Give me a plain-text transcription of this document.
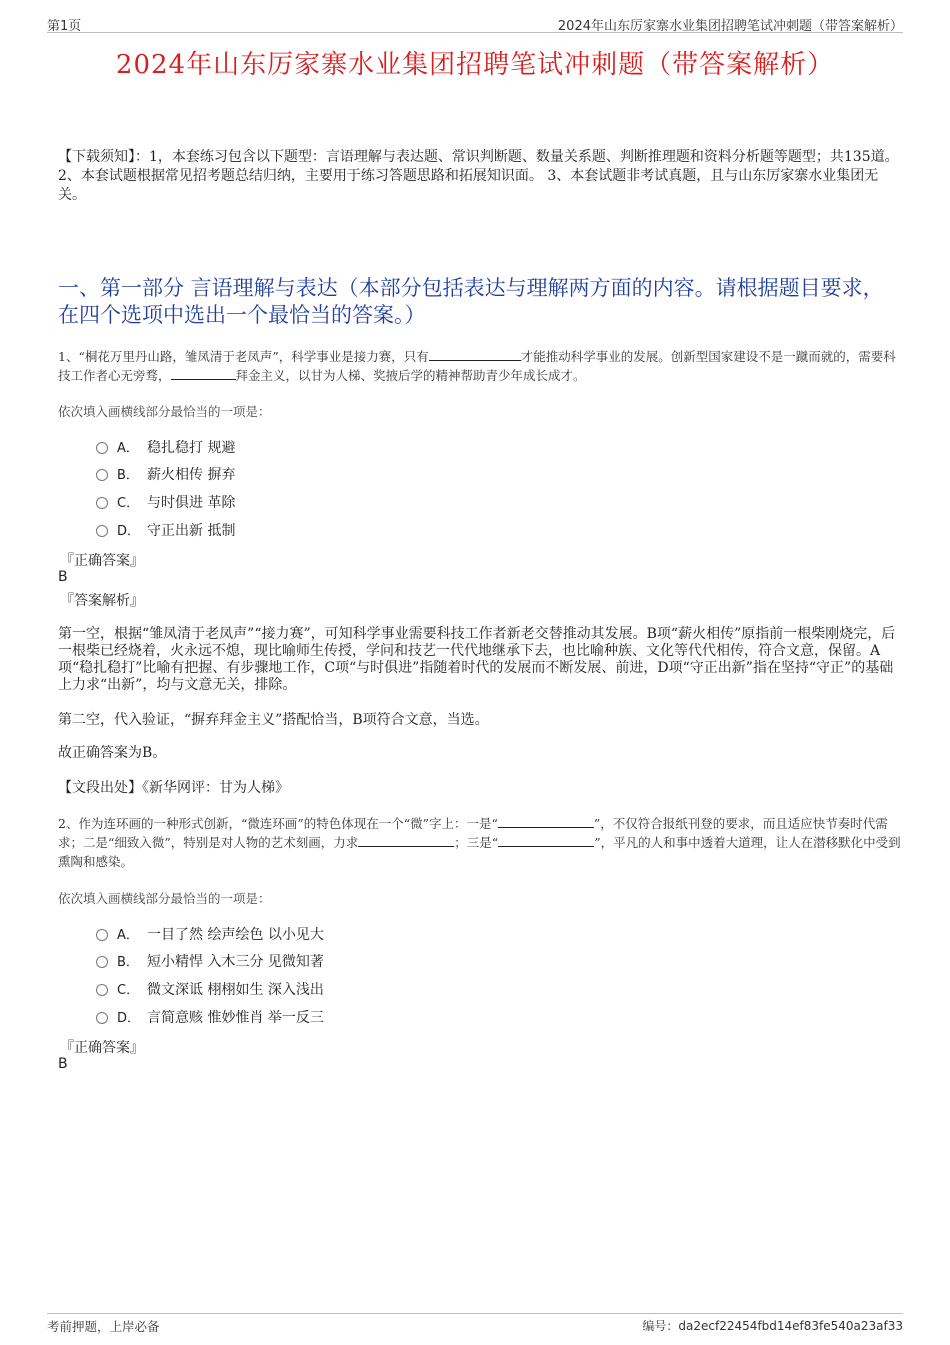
第1页	2024年山东厉家寨水业集团招聘笔试冲刺题（带答案解析）
2024年山东厉家寨水业集团招聘笔试冲刺题（带答案解析）
【下载须知】：1，本套练习包含以下题型：言语理解与表达题、常识判断题、数量关系题、判断推理题和资料分析题等题型；共135道。 2、本套试题根据常见招考题总结归纳，主要用于练习答题思路和拓展知识面。 3、本套试题非考试真题，且与山东厉家寨水业集团无关。
一、第一部分 言语理解与表达（本部分包括表达与理解两方面的内容。请根据题目要求，在四个选项中选出一个最恰当的答案。）
1、“桐花万里丹山路，雏凤清于老凤声”，科学事业是接力赛，只有	才能推动科学事业的发展。创新型国家建设不是一蹴而就的，需要科技工作者心无旁骛，	拜金主义，以甘为人梯、奖掖后学的精神帮助青少年成长成才。
依次填入画横线部分最恰当的一项是：
A． 稳扎稳打 规避
B． 薪火相传 摒弃
C． 与时俱进 革除
D． 守正出新 抵制
『正确答案』
B
『答案解析』
第一空，根据“雏凤清于老凤声”“接力赛”，可知科学事业需要科技工作者新老交替推动其发展。B项“薪火相传”原指前一根柴刚烧完，后一根柴已经烧着，火永远不熄，现比喻师生传授，学问和技艺一代代地继承下去，也比喻种族、文化等代代相传，符合文意，保留。A项“稳扎稳打”比喻有把握、有步骤地工作，C项“与时俱进”指随着时代的发展而不断发展、前进，D项“守正出新”指在坚持“守正”的基础上力求“出新”，均与文意无关，排除。
第二空，代入验证，“摒弃拜金主义”搭配恰当，B项符合文意，当选。
故正确答案为B。
【文段出处】《新华网评：甘为人梯》
2、作为连环画的一种形式创新，“微连环画”的特色体现在一个“微”字上：一是“	”，不仅符合报纸刊登的要求，而且适应快节奏时代需求；二是“细致入微”，特别是对人物的艺术刻画，力求	；三是“	”，平凡的人和事中透着大道理，让人在潜移默化中受到熏陶和感染。
依次填入画横线部分最恰当的一项是：
A． 一目了然 绘声绘色 以小见大
B． 短小精悍 入木三分 见微知著
C． 微文深诋 栩栩如生 深入浅出
D． 言简意赅 惟妙惟肖 举一反三
『正确答案』
B
考前押题，上岸必备	编号：da2ecf22454fbd14ef83fe540a23af33
